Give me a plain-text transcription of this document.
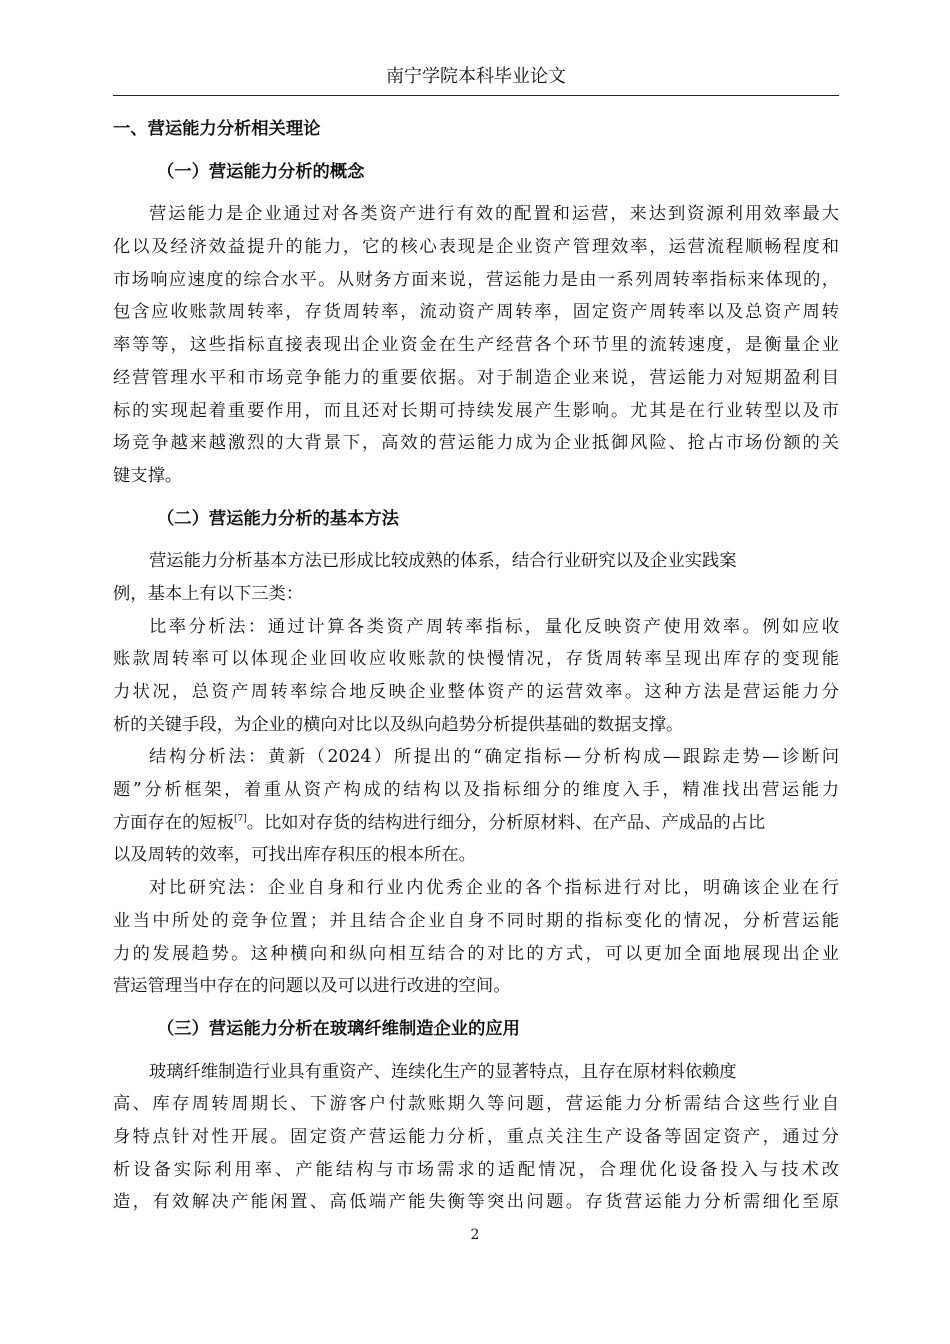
南宁学院本科毕业论文
一、营运能力分析相关理论
（一）营运能力分析的概念
营运能力是企业通过对各类资产进行有效的配置和运营，来达到资源利用效率最大
化以及经济效益提升的能力，它的核心表现是企业资产管理效率，运营流程顺畅程度和
市场响应速度的综合水平。从财务方面来说，营运能力是由一系列周转率指标来体现的，
包含应收账款周转率，存货周转率，流动资产周转率，固定资产周转率以及总资产周转
率等等，这些指标直接表现出企业资金在生产经营各个环节里的流转速度，是衡量企业
经营管理水平和市场竞争能力的重要依据。对于制造企业来说，营运能力对短期盈利目
标的实现起着重要作用，而且还对长期可持续发展产生影响。尤其是在行业转型以及市
场竞争越来越激烈的大背景下，高效的营运能力成为企业抵御风险、抢占市场份额的关
键支撑。
（二）营运能力分析的基本方法
营运能力分析基本方法已形成比较成熟的体系，结合行业研究以及企业实践案
例，基本上有以下三类：
比率分析法：通过计算各类资产周转率指标，量化反映资产使用效率。例如应收
账款周转率可以体现企业回收应收账款的快慢情况，存货周转率呈现出库存的变现能
力状况，总资产周转率综合地反映企业整体资产的运营效率。这种方法是营运能力分
析的关键手段，为企业的横向对比以及纵向趋势分析提供基础的数据支撑。
结构分析法：黄新（2024）所提出的“确定指标—分析构成—跟踪走势—诊断问
题”分析框架，着重从资产构成的结构以及指标细分的维度入手，精准找出营运能力
方面存在的短板[7]。比如对存货的结构进行细分，分析原材料、在产品、产成品的占比
以及周转的效率，可找出库存积压的根本所在。
对比研究法：企业自身和行业内优秀企业的各个指标进行对比，明确该企业在行
业当中所处的竞争位置；并且结合企业自身不同时期的指标变化的情况，分析营运能
力的发展趋势。这种横向和纵向相互结合的对比的方式，可以更加全面地展现出企业
营运管理当中存在的问题以及可以进行改进的空间。
（三）营运能力分析在玻璃纤维制造企业的应用
玻璃纤维制造行业具有重资产、连续化生产的显著特点，且存在原材料依赖度
高、库存周转周期长、下游客户付款账期久等问题，营运能力分析需结合这些行业自
身特点针对性开展。固定资产营运能力分析，重点关注生产设备等固定资产，通过分
析设备实际利用率、产能结构与市场需求的适配情况，合理优化设备投入与技术改
造，有效解决产能闲置、高低端产能失衡等突出问题。存货营运能力分析需细化至原
2
